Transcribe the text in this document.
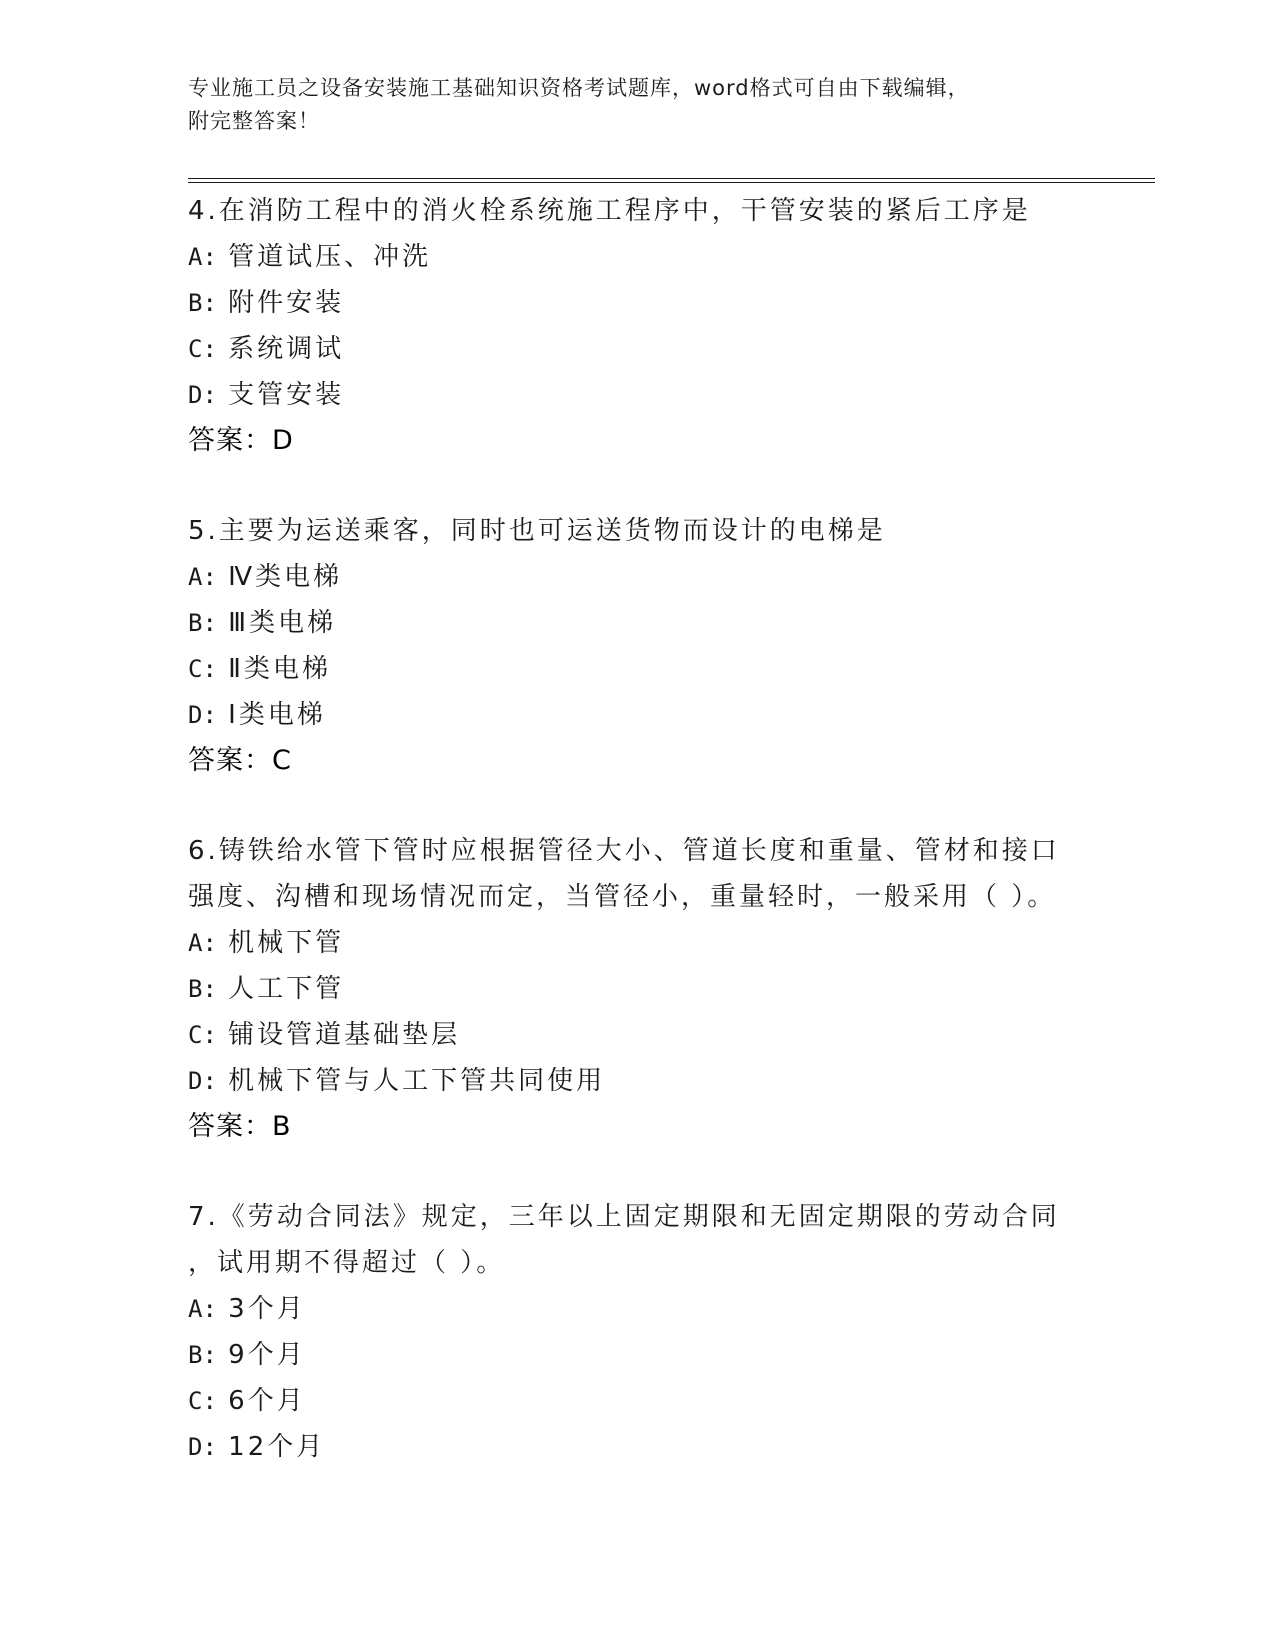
专业施工员之设备安装施工基础知识资格考试题库，word格式可自由下载编辑，
附完整答案！
4.在消防工程中的消火栓系统施工程序中，干管安装的紧后工序是
A: 管道试压、冲洗
B: 附件安装
C: 系统调试
D: 支管安装
答案：D
5.主要为运送乘客，同时也可运送货物而设计的电梯是
A: Ⅳ类电梯
B: Ⅲ类电梯
C: Ⅱ类电梯
D: Ⅰ类电梯
答案：C
6.铸铁给水管下管时应根据管径大小、管道长度和重量、管材和接口
强度、沟槽和现场情况而定，当管径小，重量轻时，一般采用（ ）。
A: 机械下管
B: 人工下管
C: 铺设管道基础垫层
D: 机械下管与人工下管共同使用
答案：B
7.《劳动合同法》规定，三年以上固定期限和无固定期限的劳动合同
，试用期不得超过（ ）。
A: 3个月
B: 9个月
C: 6个月
D: 12个月
